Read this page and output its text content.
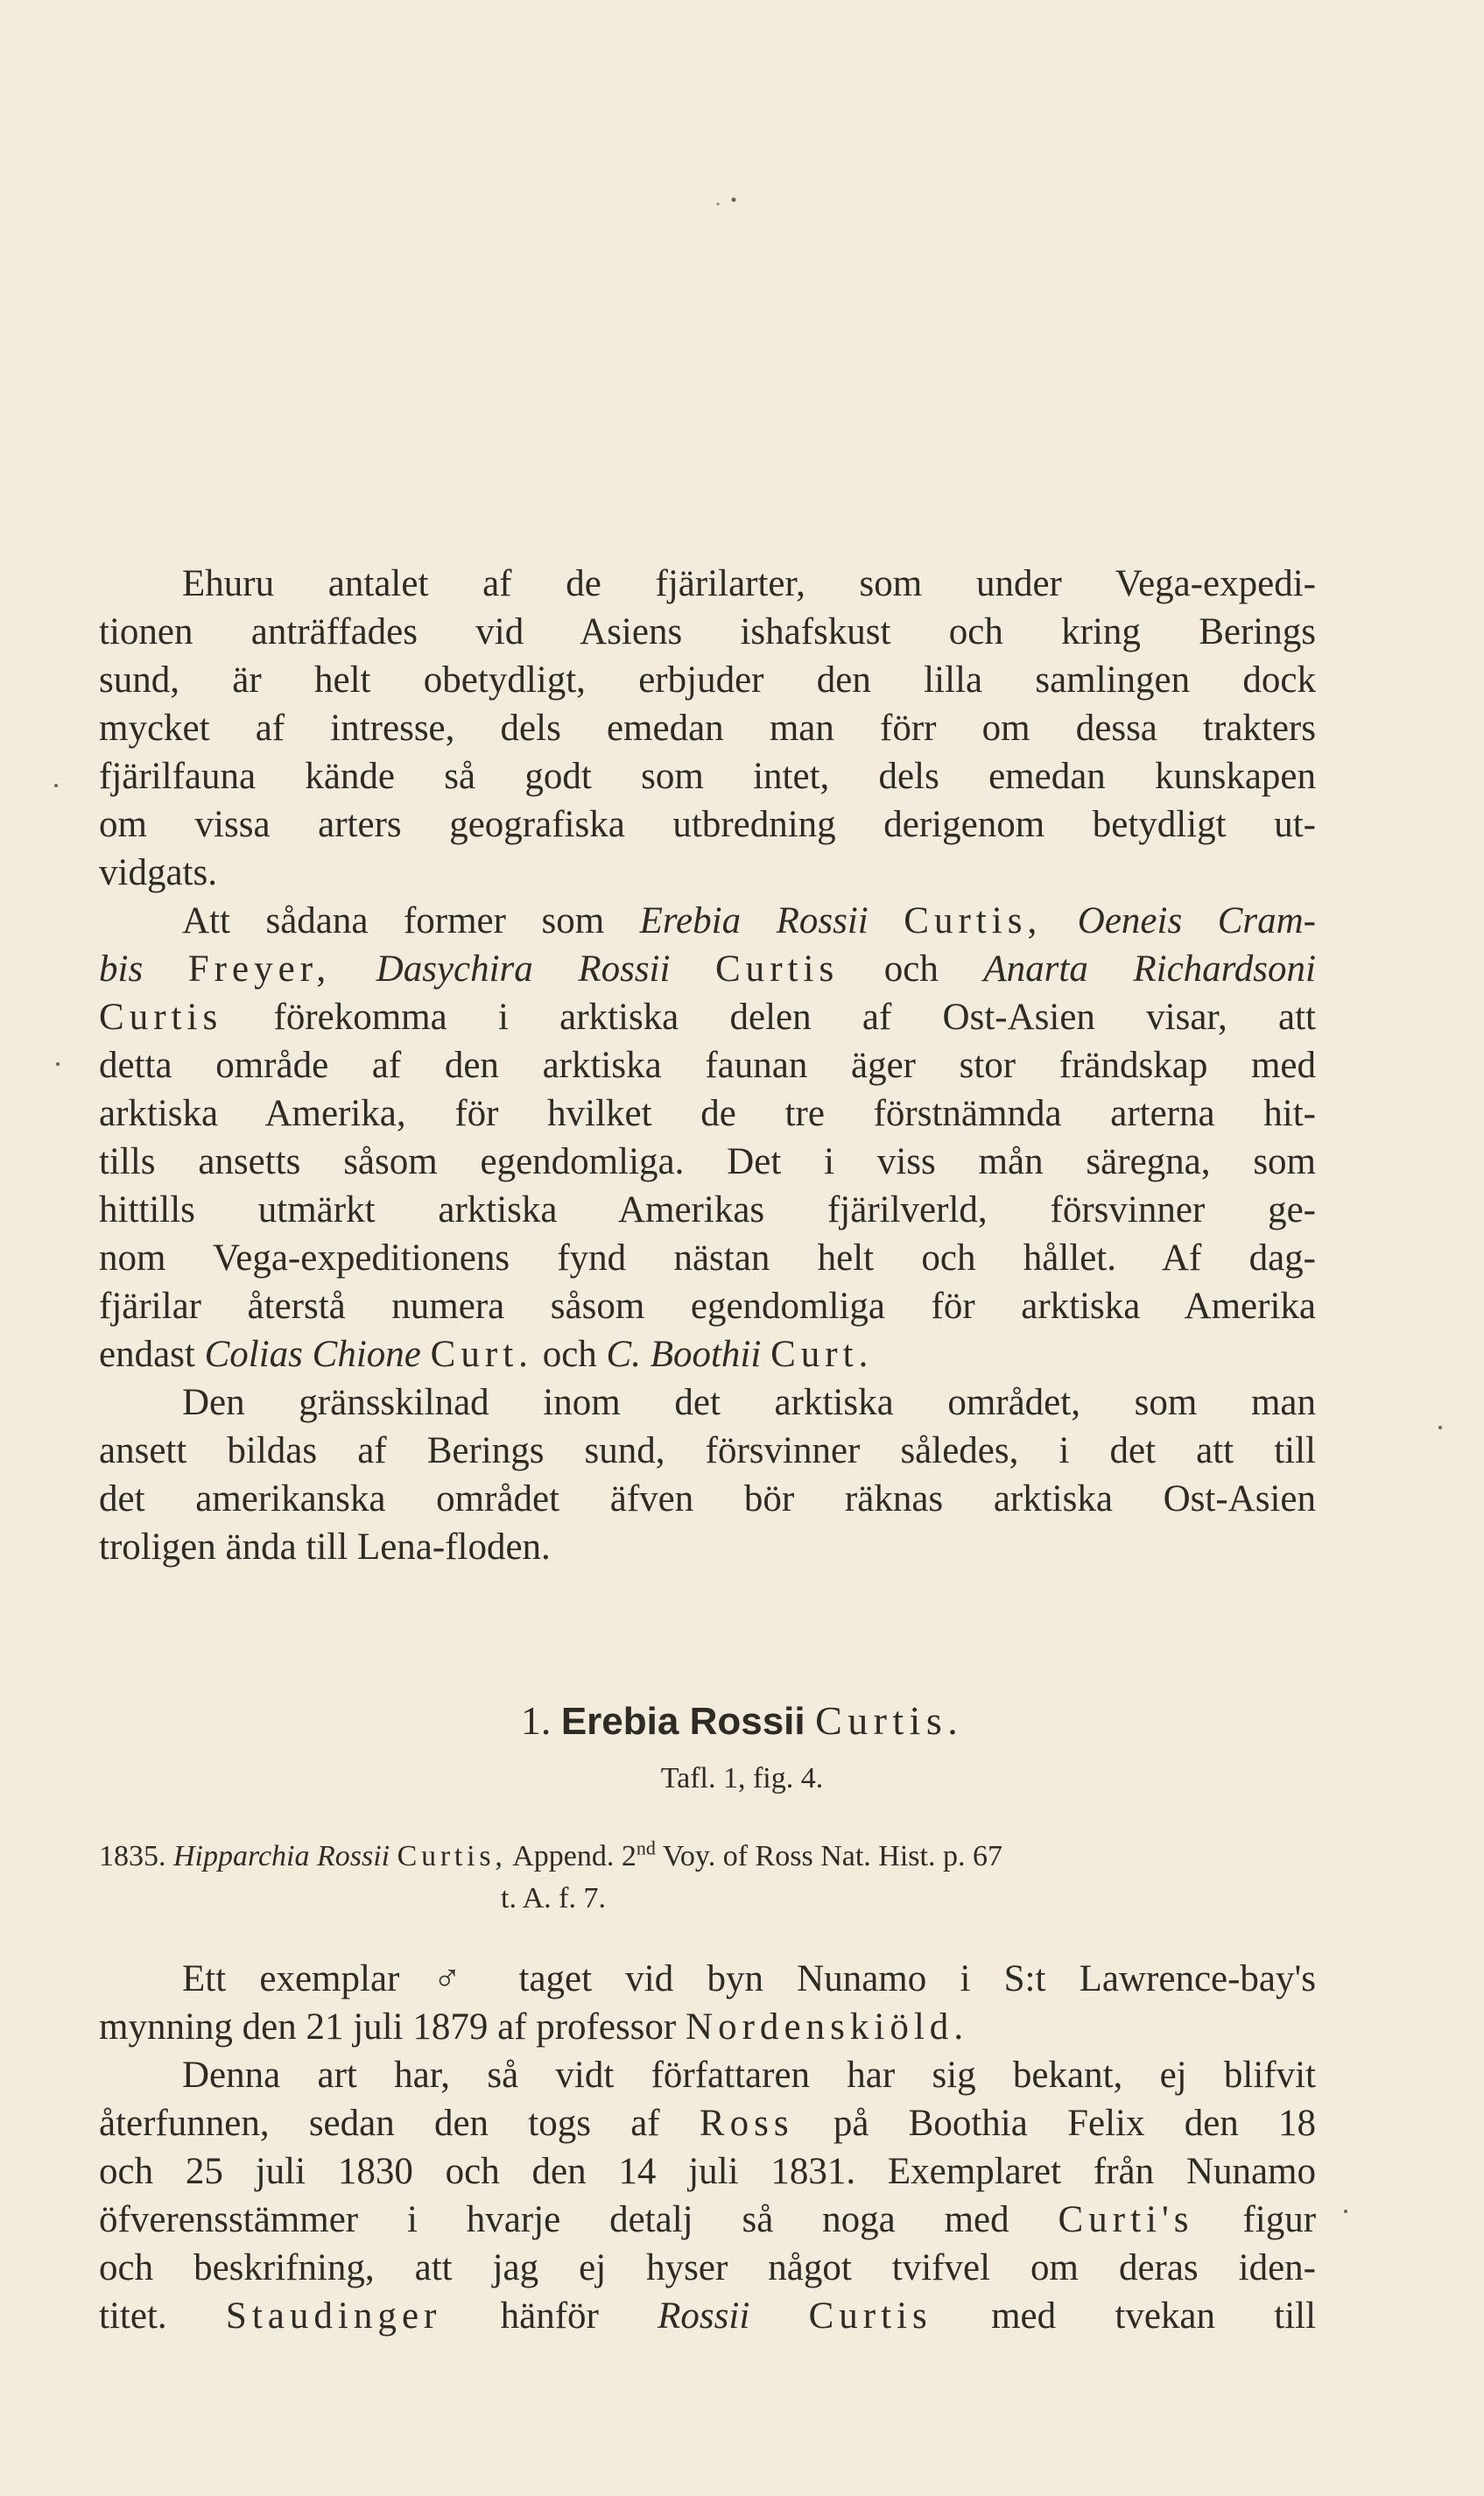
Ehuru antalet af de fjärilarter, som under Vega-expedi-
tionen anträffades vid Asiens ishafskust och kring Berings
sund, är helt obetydligt, erbjuder den lilla samlingen dock
mycket af intresse, dels emedan man förr om dessa trakters
fjärilfauna kände så godt som intet, dels emedan kunskapen
om vissa arters geografiska utbredning derigenom betydligt ut-
vidgats.
Att sådana former som Erebia Rossii Curtis, Oeneis Cram-
bis Freyer, Dasychira Rossii Curtis och Anarta Richardsoni
Curtis förekomma i arktiska delen af Ost-Asien visar, att
detta område af den arktiska faunan äger stor frändskap med
arktiska Amerika, för hvilket de tre förstnämnda arterna hit-
tills ansetts såsom egendomliga. Det i viss mån säregna, som
hittills utmärkt arktiska Amerikas fjärilverld, försvinner ge-
nom Vega-expeditionens fynd nästan helt och hållet. Af dag-
fjärilar återstå numera såsom egendomliga för arktiska Amerika
endast Colias Chione Curt. och C. Boothii Curt.
Den gränsskilnad inom det arktiska området, som man
ansett bildas af Berings sund, försvinner således, i det att till
det amerikanska området äfven bör räknas arktiska Ost-Asien
troligen ända till Lena-floden.
1. Erebia Rossii Curtis.
Tafl. 1, fig. 4.
1835. Hipparchia Rossii Curtis, Append. 2nd Voy. of Ross Nat. Hist. p. 67
t. A. f. 7.
Ett exemplar ♂ taget vid byn Nunamo i S:t Lawrence-bay's
mynning den 21 juli 1879 af professor Nordenskiöld.
Denna art har, så vidt författaren har sig bekant, ej blifvit
återfunnen, sedan den togs af Ross på Boothia Felix den 18
och 25 juli 1830 och den 14 juli 1831. Exemplaret från Nunamo
öfverensstämmer i hvarje detalj så noga med Curti's figur
och beskrifning, att jag ej hyser något tvifvel om deras iden-
titet. Staudinger hänför Rossii Curtis med tvekan till
